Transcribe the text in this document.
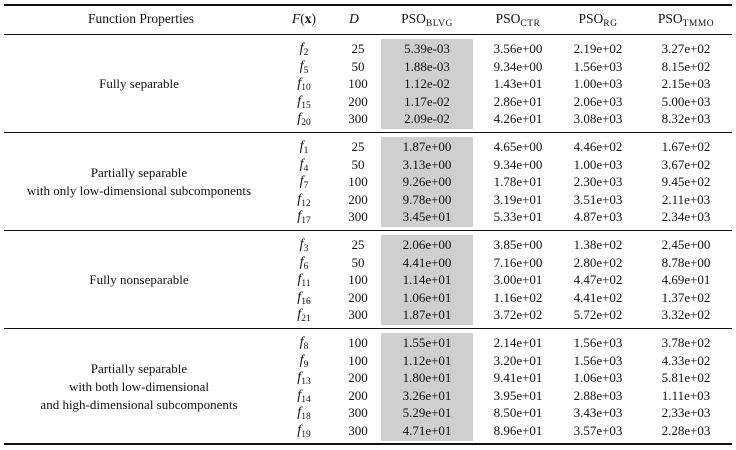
Function Properties	F(x)	D	$PSO_{BLVG}$	$PSO_{CTR}$	$PSO_{RG}$	$PSO_{TMMO}$
Fully separable
$f_2$	25	5.39e-03	3.56e+00	2.19e+02	3.27e+02
$f_5$	50	1.88e-03	9.34e+00	1.56e+03	8.15e+02
$f_{10}$	100	1.12e-02	1.43e+01	1.00e+03	2.15e+03
$f_{15}$	200	1.17e-02	2.86e+01	2.06e+03	5.00e+03
$f_{20}$	300	2.09e-02	4.26e+01	3.08e+03	8.32e+03
Partially separable
with only low-dimensional subcomponents
$f_1$	25	1.87e+00	4.65e+00	4.46e+02	1.67e+02
$f_4$	50	3.13e+00	9.34e+00	1.00e+03	3.67e+02
$f_7$	100	9.26e+00	1.78e+01	2.30e+03	9.45e+02
$f_{12}$	200	9.78e+00	3.19e+01	3.51e+03	2.11e+03
$f_{17}$	300	3.45e+01	5.33e+01	4.87e+03	2.34e+03
Fully nonseparable
$f_3$	25	2.06e+00	3.85e+00	1.38e+02	2.45e+00
$f_6$	50	4.41e+00	7.16e+00	2.80e+02	8.78e+00
$f_{11}$	100	1.14e+01	3.00e+01	4.47e+02	4.69e+01
$f_{16}$	200	1.06e+01	1.16e+02	4.41e+02	1.37e+02
$f_{21}$	300	1.87e+01	3.72e+02	5.72e+02	3.32e+02
Partially separable
with both low-dimensional
and high-dimensional subcomponents
$f_8$	100	1.55e+01	2.14e+01	1.56e+03	3.78e+02
$f_9$	100	1.12e+01	3.20e+01	1.56e+03	4.33e+02
$f_{13}$	200	1.80e+01	9.41e+01	1.06e+03	5.81e+02
$f_{14}$	200	3.26e+01	3.95e+01	2.88e+03	1.11e+03
$f_{18}$	300	5.29e+01	8.50e+01	3.43e+03	2.33e+03
$f_{19}$	300	4.71e+01	8.96e+01	3.57e+03	2.28e+03
